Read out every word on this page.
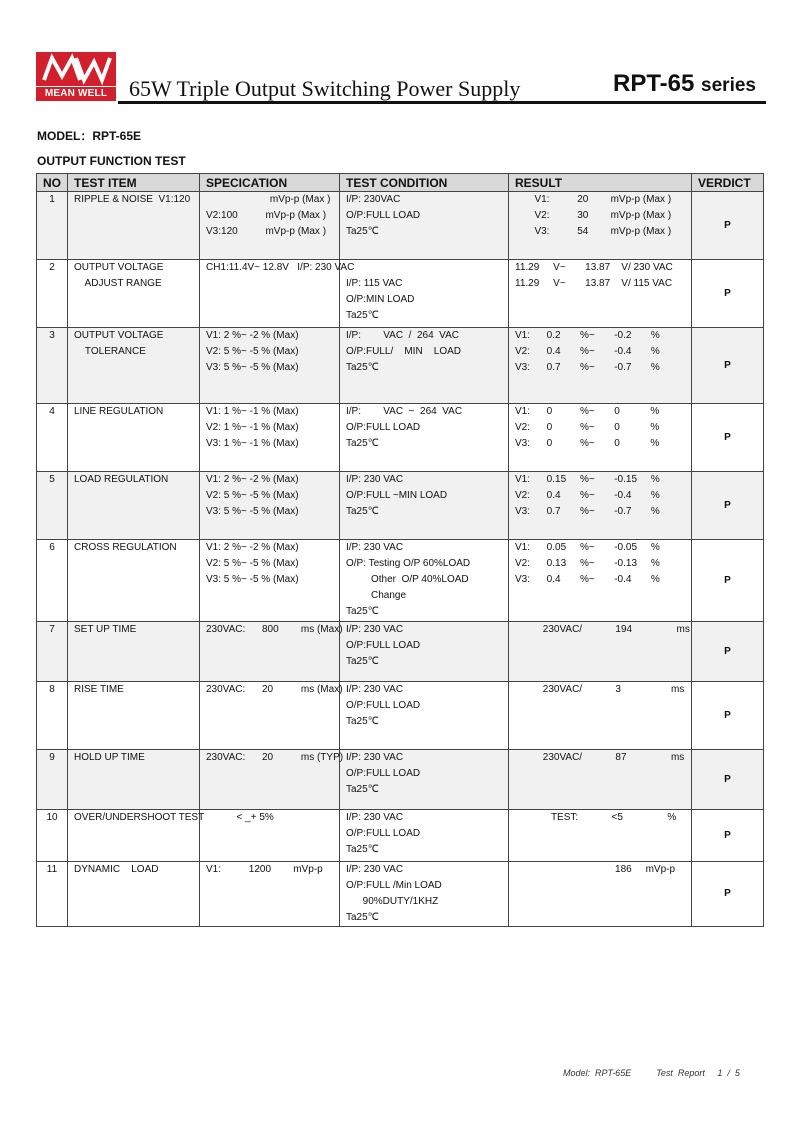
MEAN WELL 65W Triple Output Switching Power Supply	RPT-65 series
MODEL：RPT-65E
OUTPUT FUNCTION TEST
NO	TEST ITEM	SPECICATION	TEST CONDITION	RESULT	VERDICT
1	RIPPLE & NOISE  V1:120	mVp-p (Max )
V2:100          mVp-p (Max )
V3:120          mVp-p (Max )	I/P: 230VAC
O/P:FULL LOAD
Ta25℃	V1:          20        mVp-p (Max )
V2:          30        mVp-p (Max )
V3:          54        mVp-p (Max )	P
2	OUTPUT VOLTAGE
ADJUST RANGE	CH1:11.4V~ 12.8V   I/P: 230 VAC	
I/P: 115 VAC
O/P:MIN LOAD
Ta25℃	11.29     V~       13.87    V/ 230 VAC
11.29     V~       13.87    V/ 115 VAC	P
3	OUTPUT VOLTAGE
TOLERANCE	V1: 2 %~ -2 % (Max)
V2: 5 %~ -5 % (Max)
V3: 5 %~ -5 % (Max)	I/P:        VAC  /  264  VAC
O/P:FULL/    MIN    LOAD
Ta25℃	V1:      0.2       %~       -0.2       %
V2:      0.4       %~       -0.4       %
V3:      0.7       %~       -0.7       %	P
4	LINE REGULATION	V1: 1 %~ -1 % (Max)
V2: 1 %~ -1 % (Max)
V3: 1 %~ -1 % (Max)	I/P:        VAC  ~  264  VAC
O/P:FULL LOAD
Ta25℃	V1:      0          %~       0           %
V2:      0          %~       0           %
V3:      0          %~       0           %	P
5	LOAD REGULATION	V1: 2 %~ -2 % (Max)
V2: 5 %~ -5 % (Max)
V3: 5 %~ -5 % (Max)	I/P: 230 VAC
O/P:FULL ~MIN LOAD
Ta25℃	V1:      0.15     %~       -0.15     %
V2:      0.4       %~       -0.4       %
V3:      0.7       %~       -0.7       %	P
6	CROSS REGULATION	V1: 2 %~ -2 % (Max)
V2: 5 %~ -5 % (Max)
V3: 5 %~ -5 % (Max)	I/P: 230 VAC
O/P: Testing O/P 60%LOAD
Other  O/P 40%LOAD
Change
Ta25℃	V1:      0.05     %~       -0.05     %
V2:      0.13     %~       -0.13     %
V3:      0.4       %~       -0.4       %	P
7	SET UP TIME	230VAC:      800        ms (Max)	I/P: 230 VAC
O/P:FULL LOAD
Ta25℃	230VAC/            194                ms	P
8	RISE TIME	230VAC:      20          ms (Max)	I/P: 230 VAC
O/P:FULL LOAD
Ta25℃	230VAC/            3                  ms	P
9	HOLD UP TIME	230VAC:      20          ms (TYP)	I/P: 230 VAC
O/P:FULL LOAD
Ta25℃	230VAC/            87                ms	P
10	OVER/UNDERSHOOT TEST	< _+ 5%	I/P: 230 VAC
O/P:FULL LOAD
Ta25℃	TEST:            <5                %	P
11	DYNAMIC    LOAD	V1:          1200        mVp-p	I/P: 230 VAC
O/P:FULL /Min LOAD
90%DUTY/1KHZ
Ta25℃	186     mVp-p	P
Model:  RPT-65E          Test  Report     1  /  5
